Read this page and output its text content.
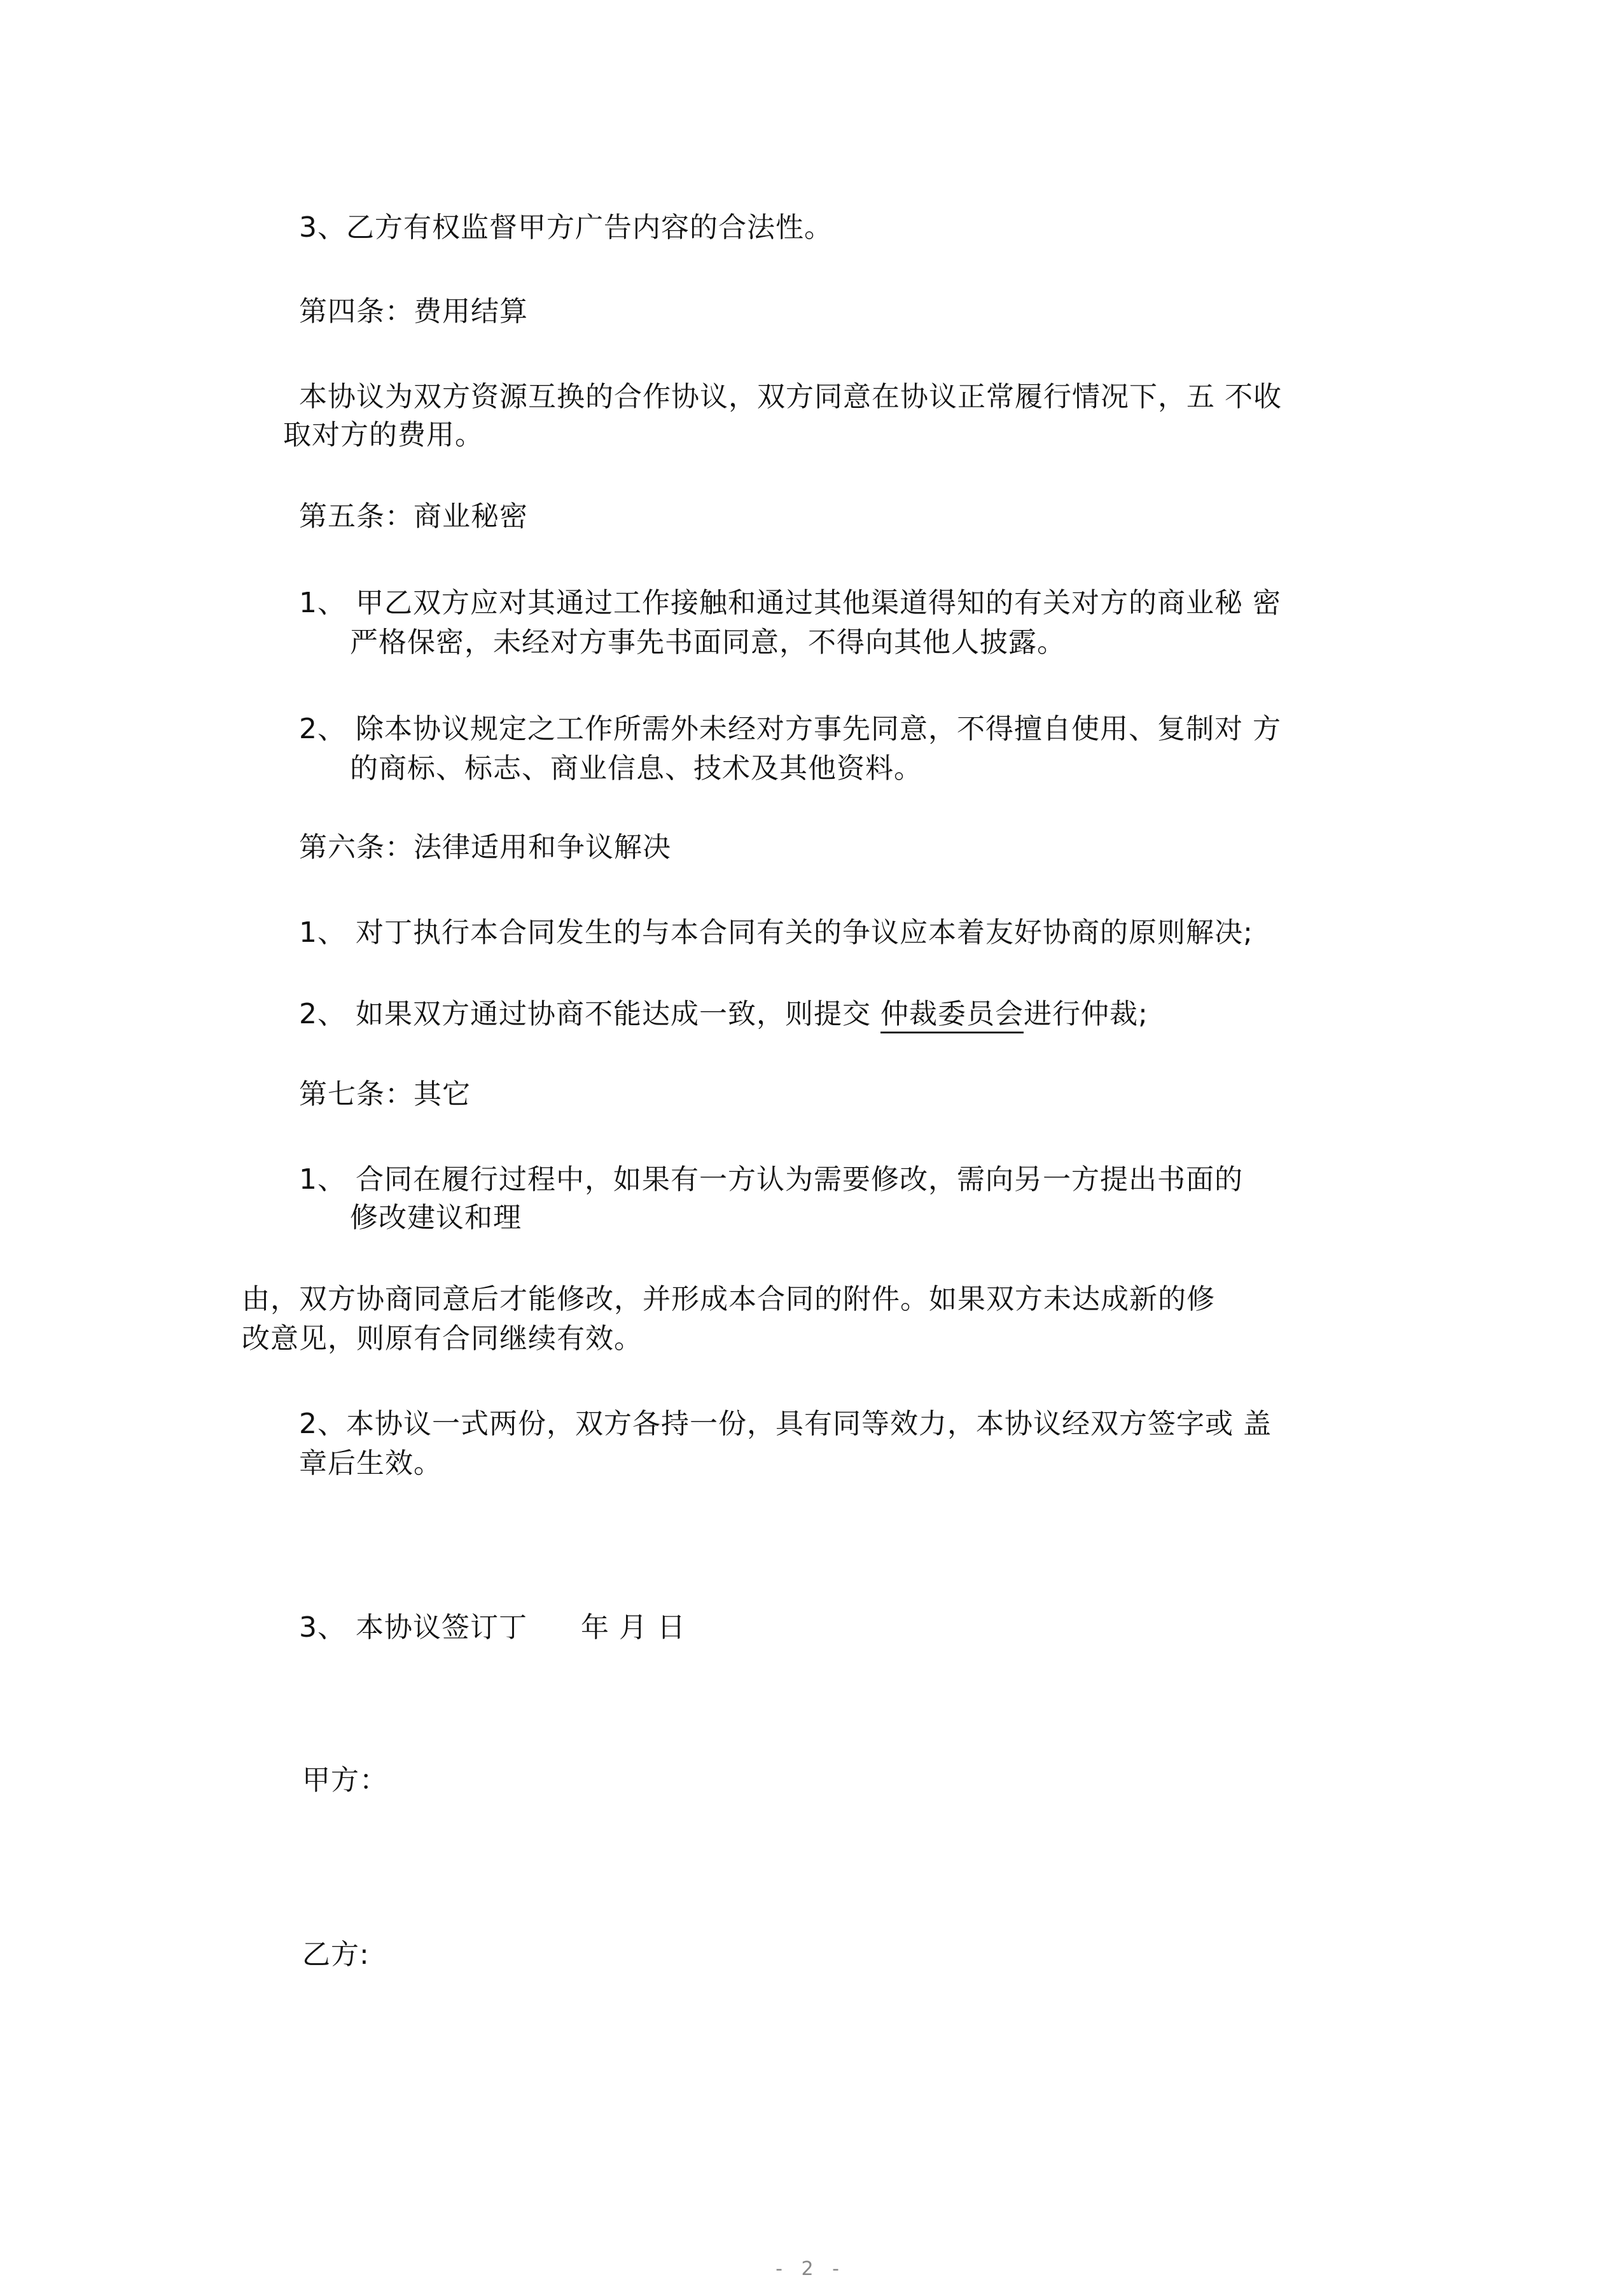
3、乙方有权监督甲方广告内容的合法性。

第四条：费用结算

本协议为双方资源互换的合作协议，双方同意在协议正常履行情况下，五 不收

取对方的费用。

第五条：商业秘密

1、 甲乙双方应对其通过工作接触和通过其他渠道得知的有关对方的商业秘 密

严格保密，未经对方事先书面同意，不得向其他人披露。

2、 除本协议规定之工作所需外未经对方事先同意，不得擅自使用、复制对 方

的商标、标志、商业信息、技术及其他资料。

第六条：法律适用和争议解决

1、 对丁执行本合同发生的与本合同有关的争议应本着友好协商的原则解决;

2、 如果双方通过协商不能达成一致，则提交 仲裁委员会进行仲裁;

第七条：其它

1、 合同在履行过程中，如果有一方认为需要修改，需向另一方提出书面的

修改建议和理

由，双方协商同意后才能修改，并形成本合同的附件。如果双方未达成新的修

改意见，则原有合同继续有效。

2、本协议一式两份，双方各持一份，具有同等效力，本协议经双方签字或 盖

章后生效。

3、 本协议签订丁 年 月 日

甲方：

乙方:

- 2 -
